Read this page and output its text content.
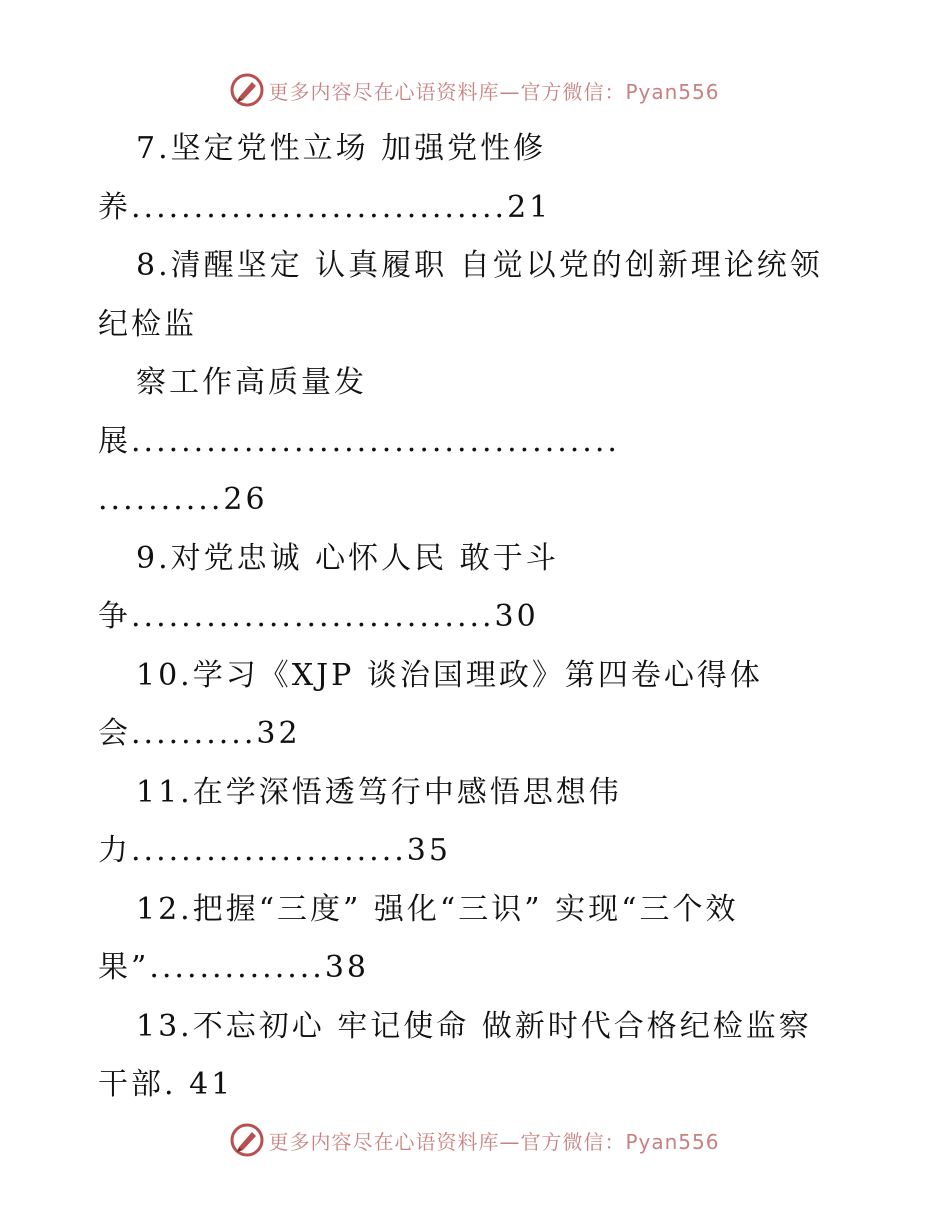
更多内容尽在心语资料库—官方微信：Pyan556
7.坚定党性立场 加强党性修
养..............................21
8.清醒坚定 认真履职 自觉以党的创新理论统领
纪检监
察工作高质量发
展.......................................
..........26
9.对党忠诚 心怀人民 敢于斗
争.............................30
10.学习《XJP 谈治国理政》第四卷心得体
会..........32
11.在学深悟透笃行中感悟思想伟
力......................35
12.把握“三度” 强化“三识” 实现“三个效
果”..............38
13.不忘初心 牢记使命 做新时代合格纪检监察
干部. 41
更多内容尽在心语资料库—官方微信：Pyan556
